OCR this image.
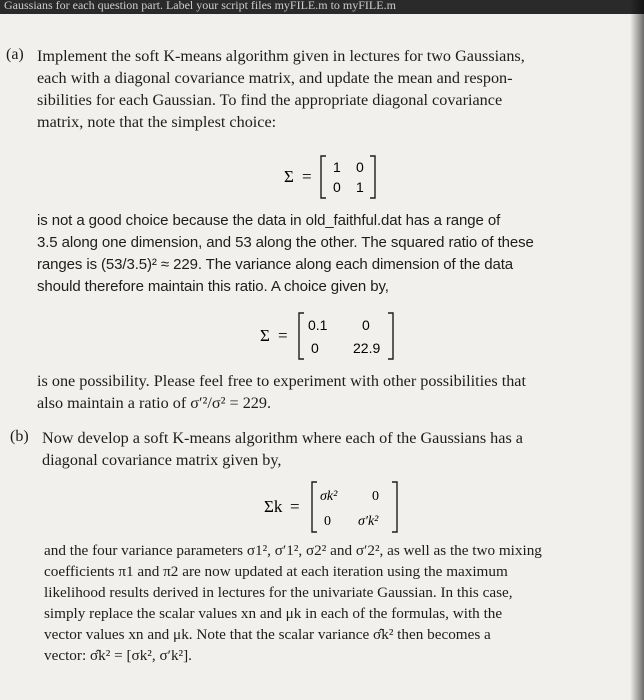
Gaussians for each question part. Label your script files myFILE.m to myFILE.m
(a) Implement the soft K-means algorithm given in lectures for two Gaussians,

each with a diagonal covariance matrix, and update the mean and respon-

sibilities for each Gaussian. To find the appropriate diagonal covariance

matrix, note that the simplest choice:

Σ = 1 0
0 1

is not a good choice because the data in old_faithful.dat has a range of

3.5 along one dimension, and 53 along the other. The squared ratio of these

ranges is (53/3.5)² ≈ 229. The variance along each dimension of the data

should therefore maintain this ratio. A choice given by,

Σ =
0.1 0
0 22.9

is one possibility. Please feel free to experiment with other possibilities that

also maintain a ratio of σ′²/σ² = 229.

(b) Now develop a soft K-means algorithm where each of the Gaussians has a

diagonal covariance matrix given by,

Σk =
σk² 0
0 σ′k²

and the four variance parameters σ1², σ′1², σ2² and σ′2², as well as the two mixing

coefficients π1 and π2 are now updated at each iteration using the maximum

likelihood results derived in lectures for the univariate Gaussian. In this case,

simply replace the scalar values xn and μk in each of the formulas, with the

vector values xn and μk. Note that the scalar variance σ̂k² then becomes a

vector: σ̂k² = [σk², σ′k²].
